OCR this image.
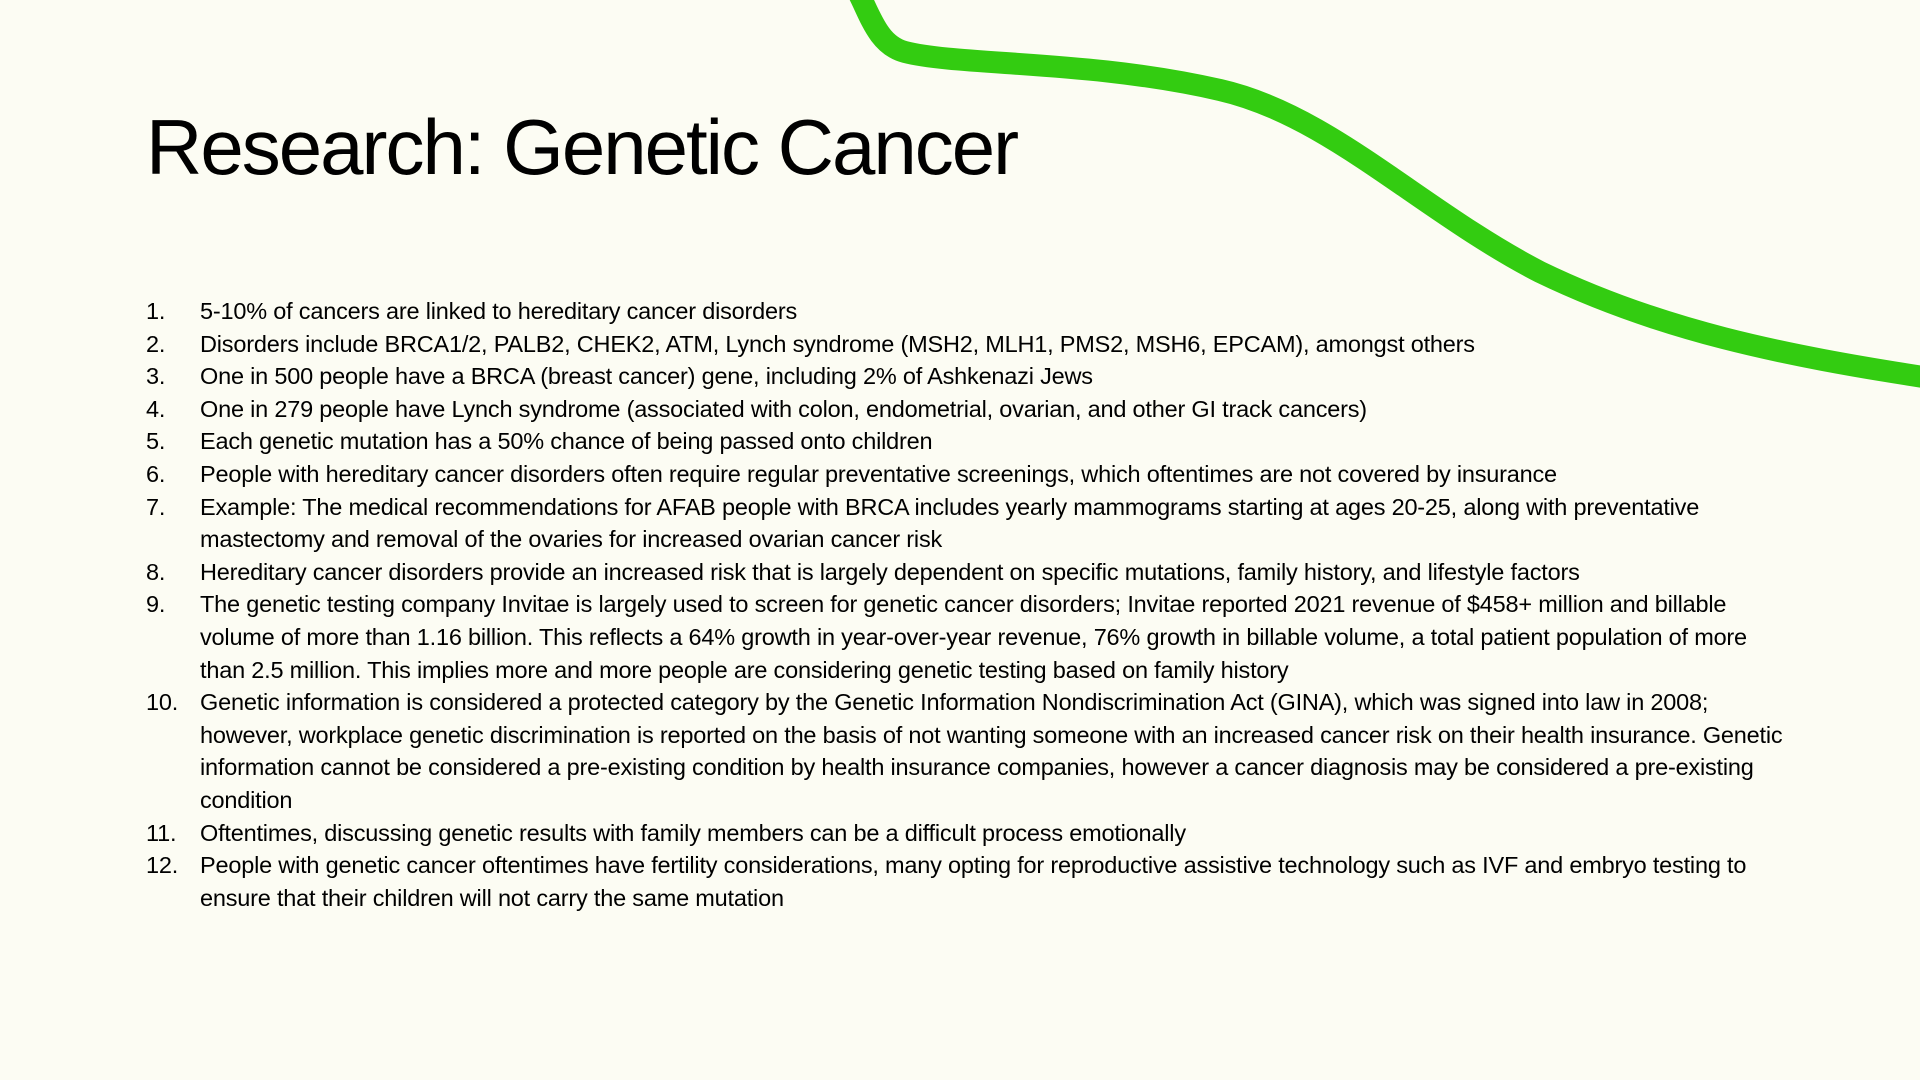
Research: Genetic Cancer
1.	5-10% of cancers are linked to hereditary cancer disorders
2.	Disorders include BRCA1/2, PALB2, CHEK2, ATM, Lynch syndrome (MSH2, MLH1, PMS2, MSH6, EPCAM), amongst others
3.	One in 500 people have a BRCA (breast cancer) gene, including 2% of Ashkenazi Jews
4.	One in 279 people have Lynch syndrome (associated with colon, endometrial, ovarian, and other GI track cancers)
5.	Each genetic mutation has a 50% chance of being passed onto children
6.	People with hereditary cancer disorders often require regular preventative screenings, which oftentimes are not covered by insurance
7.	Example: The medical recommendations for AFAB people with BRCA includes yearly mammograms starting at ages 20-25, along with preventative mastectomy and removal of the ovaries for increased ovarian cancer risk
8.	Hereditary cancer disorders provide an increased risk that is largely dependent on specific mutations, family history, and lifestyle factors
9.	The genetic testing company Invitae is largely used to screen for genetic cancer disorders; Invitae reported 2021 revenue of $458+ million and billable volume of more than 1.16 billion. This reflects a 64% growth in year-over-year revenue, 76% growth in billable volume, a total patient population of more than 2.5 million. This implies more and more people are considering genetic testing based on family history
10. Genetic information is considered a protected category by the Genetic Information Nondiscrimination Act (GINA), which was signed into law in 2008; however, workplace genetic discrimination is reported on the basis of not wanting someone with an increased cancer risk on their health insurance. Genetic information cannot be considered a pre-existing condition by health insurance companies, however a cancer diagnosis may be considered a pre-existing condition
11.	Oftentimes, discussing genetic results with family members can be a difficult process emotionally
12. People with genetic cancer oftentimes have fertility considerations, many opting for reproductive assistive technology such as IVF and embryo testing to ensure that their children will not carry the same mutation
